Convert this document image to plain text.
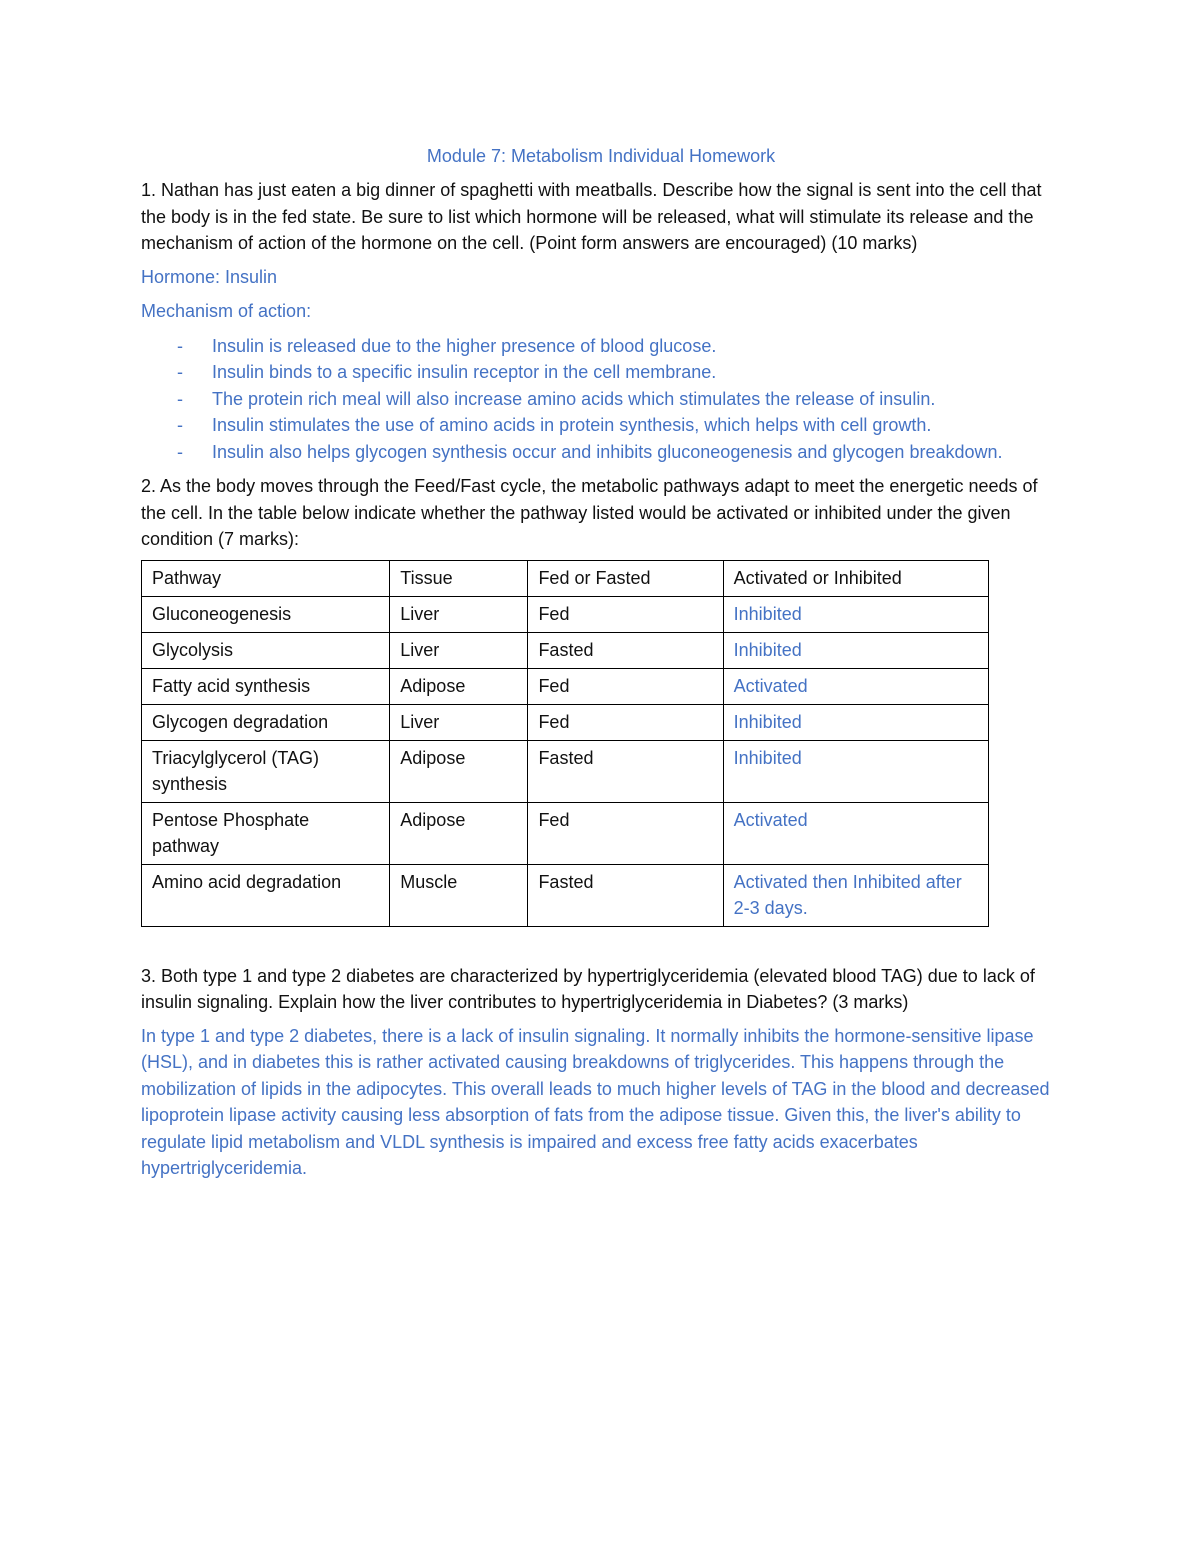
Module 7: Metabolism Individual Homework

1. Nathan has just eaten a big dinner of spaghetti with meatballs. Describe how the signal is sent into the cell that the body is in the fed state. Be sure to list which hormone will be released, what will stimulate its release and the mechanism of action of the hormone on the cell. (Point form answers are encouraged) (10 marks)

Hormone: Insulin

Mechanism of action:

- Insulin is released due to the higher presence of blood glucose.
- Insulin binds to a specific insulin receptor in the cell membrane.
- The protein rich meal will also increase amino acids which stimulates the release of insulin.
- Insulin stimulates the use of amino acids in protein synthesis, which helps with cell growth.
- Insulin also helps glycogen synthesis occur and inhibits gluconeogenesis and glycogen breakdown.

2. As the body moves through the Feed/Fast cycle, the metabolic pathways adapt to meet the energetic needs of the cell. In the table below indicate whether the pathway listed would be activated or inhibited under the given condition (7 marks):

Pathway	Tissue	Fed or Fasted	Activated or Inhibited
Gluconeogenesis	Liver	Fed	Inhibited
Glycolysis	Liver	Fasted	Inhibited
Fatty acid synthesis	Adipose	Fed	Activated
Glycogen degradation	Liver	Fed	Inhibited
Triacylglycerol (TAG) synthesis	Adipose	Fasted	Inhibited
Pentose Phosphate pathway	Adipose	Fed	Activated
Amino acid degradation	Muscle	Fasted	Activated then Inhibited after 2-3 days.

3. Both type 1 and type 2 diabetes are characterized by hypertriglyceridemia (elevated blood TAG) due to lack of insulin signaling. Explain how the liver contributes to hypertriglyceridemia in Diabetes? (3 marks)

In type 1 and type 2 diabetes, there is a lack of insulin signaling. It normally inhibits the hormone-sensitive lipase (HSL), and in diabetes this is rather activated causing breakdowns of triglycerides. This happens through the mobilization of lipids in the adipocytes. This overall leads to much higher levels of TAG in the blood and decreased lipoprotein lipase activity causing less absorption of fats from the adipose tissue. Given this, the liver's ability to regulate lipid metabolism and VLDL synthesis is impaired and excess free fatty acids exacerbates hypertriglyceridemia.
